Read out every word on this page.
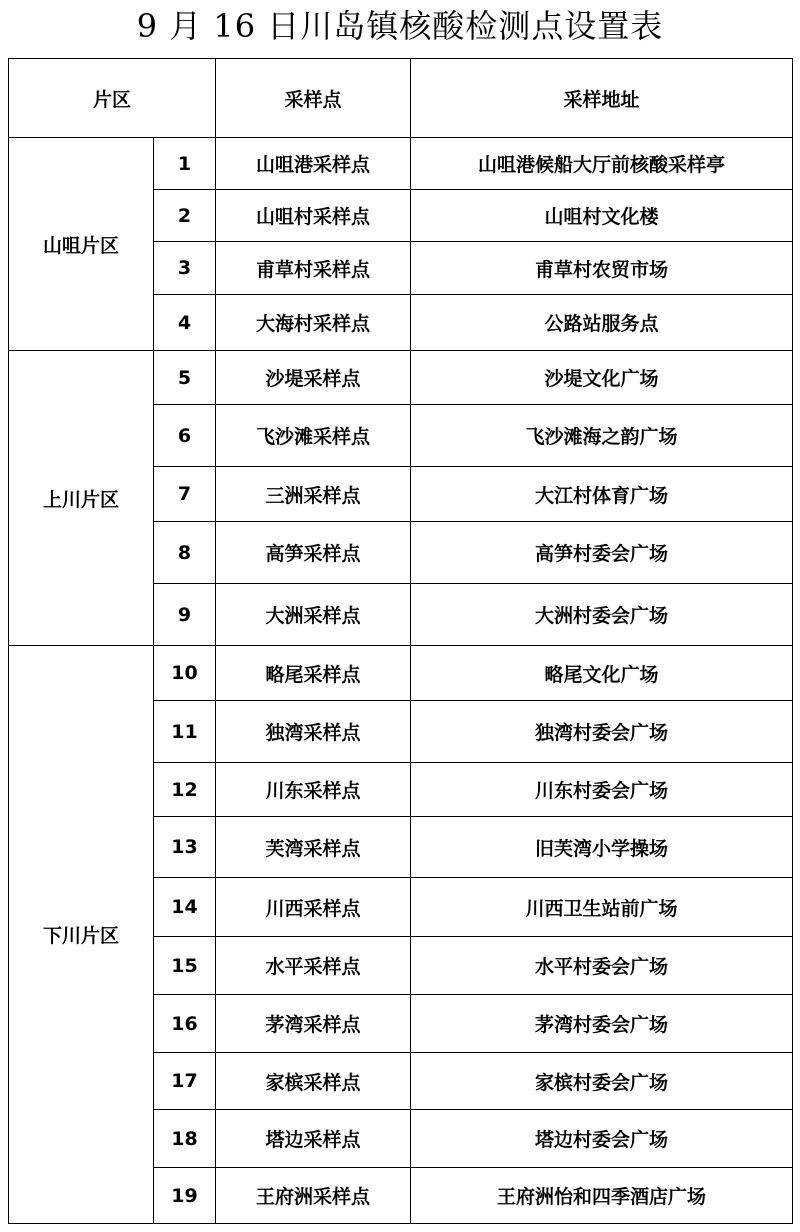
9 月 16 日川岛镇核酸检测点设置表
片区		采样点	采样地址
山咀片区	1	山咀港采样点	山咀港候船大厅前核酸采样亭
	2	山咀村采样点	山咀村文化楼
	3	甫草村采样点	甫草村农贸市场
	4	大海村采样点	公路站服务点
上川片区	5	沙堤采样点	沙堤文化广场
	6	飞沙滩采样点	飞沙滩海之韵广场
	7	三洲采样点	大江村体育广场
	8	高笋采样点	高笋村委会广场
	9	大洲采样点	大洲村委会广场
下川片区	10	略尾采样点	略尾文化广场
	11	独湾采样点	独湾村委会广场
	12	川东采样点	川东村委会广场
	13	芙湾采样点	旧芙湾小学操场
	14	川西采样点	川西卫生站前广场
	15	水平采样点	水平村委会广场
	16	茅湾采样点	茅湾村委会广场
	17	家槟采样点	家槟村委会广场
	18	塔边采样点	塔边村委会广场
	19	王府洲采样点	王府洲怡和四季酒店广场
